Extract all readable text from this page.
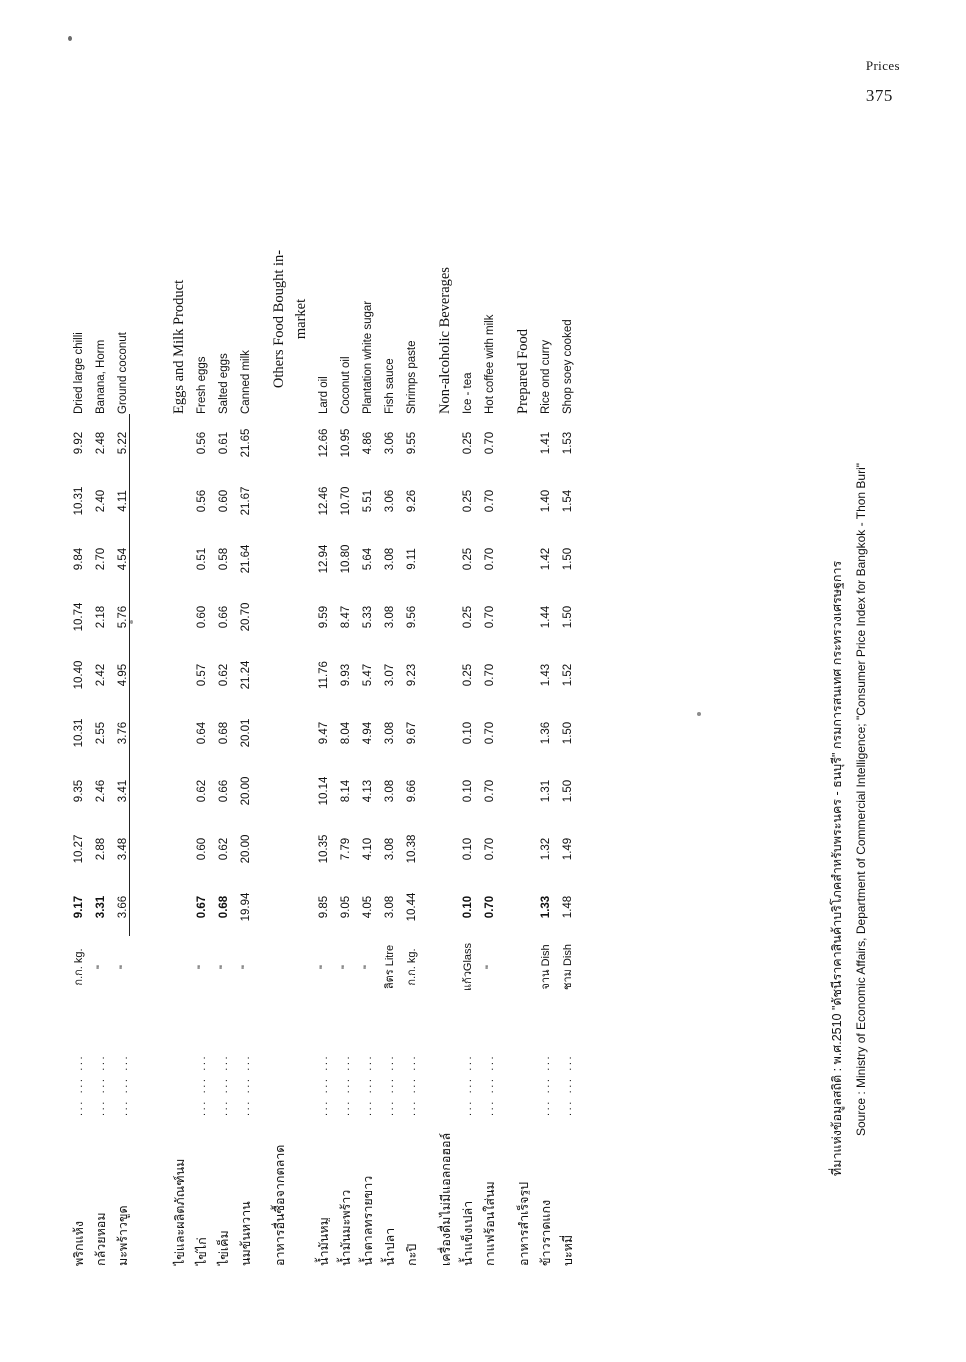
Prices
375
พริกแห้ง	... ... ...	ก.ก. kg.	9.17	10.27	9.35	10.31	10.40	10.74	9.84	10.31	9.92	Dried large chilli
กล้วยหอม	... ... ...	"	3.31	2.88	2.46	2.55	2.42	2.18	2.70	2.40	2.48	Banana, Horm
มะพร้าวขูด	... ... ...	"	3.66	3.48	3.41	3.76	4.95	5.76	4.54	4.11	5.22	Ground coconut

ไข่และผลิตภัณฑ์นม												Eggs and Milk Product
ไข่ไก่	... ... ...	"	0.67	0.60	0.62	0.64	0.57	0.60	0.51	0.56	0.56	Fresh eggs
ไข่เค็ม	... ... ...	"	0.68	0.62	0.66	0.68	0.62	0.66	0.58	0.60	0.61	Salted eggs
นมข้นหวาน	... ... ...	"	19.94	20.00	20.00	20.01	21.24	20.70	21.64	21.67	21.65	Canned milk

อาหารอื่นซื้อจากตลาด												Others Food Bought in-
												market
น้ำมันหมู	... ... ...	"	9.85	10.35	10.14	9.47	11.76	9.59	12.94	12.46	12.66	Lard oil
น้ำมันมะพร้าว	... ... ...	"	9.05	7.79	8.14	8.04	9.93	8.47	10.80	10.70	10.95	Coconut oil
น้ำตาลทรายขาว	... ... ...	"	4.05	4.10	4.13	4.94	5.47	5.33	5.64	5.51	4.86	Plantation white sugar
น้ำปลา	... ... ...	ลิตร Litre	3.08	3.08	3.08	3.08	3.07	3.08	3.08	3.06	3.06	Fish sauce
กะปิ	... ... ...	ก.ก. kg.	10.44	10.38	9.66	9.67	9.23	9.56	9.11	9.26	9.55	Shrimps paste

เครื่องดื่มไม่มีแอลกอฮอล์												Non-alcoholic Beverages
น้ำแข็งเปล่า	... ... ...	แก้วGlass	0.10	0.10	0.10	0.10	0.25	0.25	0.25	0.25	0.25	Ice - tea
กาแฟร้อนใส่นม	... ... ...	"	0.70	0.70	0.70	0.70	0.70	0.70	0.70	0.70	0.70	Hot coffee with milk

อาหารสำเร็จรูป												Prepared Food
ข้าวราดแกง	... ... ...	จาน Dish	1.33	1.32	1.31	1.36	1.43	1.44	1.42	1.40	1.41	Rice ond curry
บะหมี่	... ... ...	ชาม Dish	1.48	1.49	1.50	1.50	1.52	1.50	1.50	1.54	1.53	Shop soey cooked
ที่มาแห่งข้อมูลสถิติ : พ.ศ.2510 "ดัชนีราคาสินค้าบริโภคสำหรับพระนคร - ธนบุรี" กรมการสนเทศ กระทรวงเศรษฐการ Source : Ministry of Economic Affairs, Department of Commercial Intelligence; "Consumer Price Index for Bangkok - Thon Buri"
